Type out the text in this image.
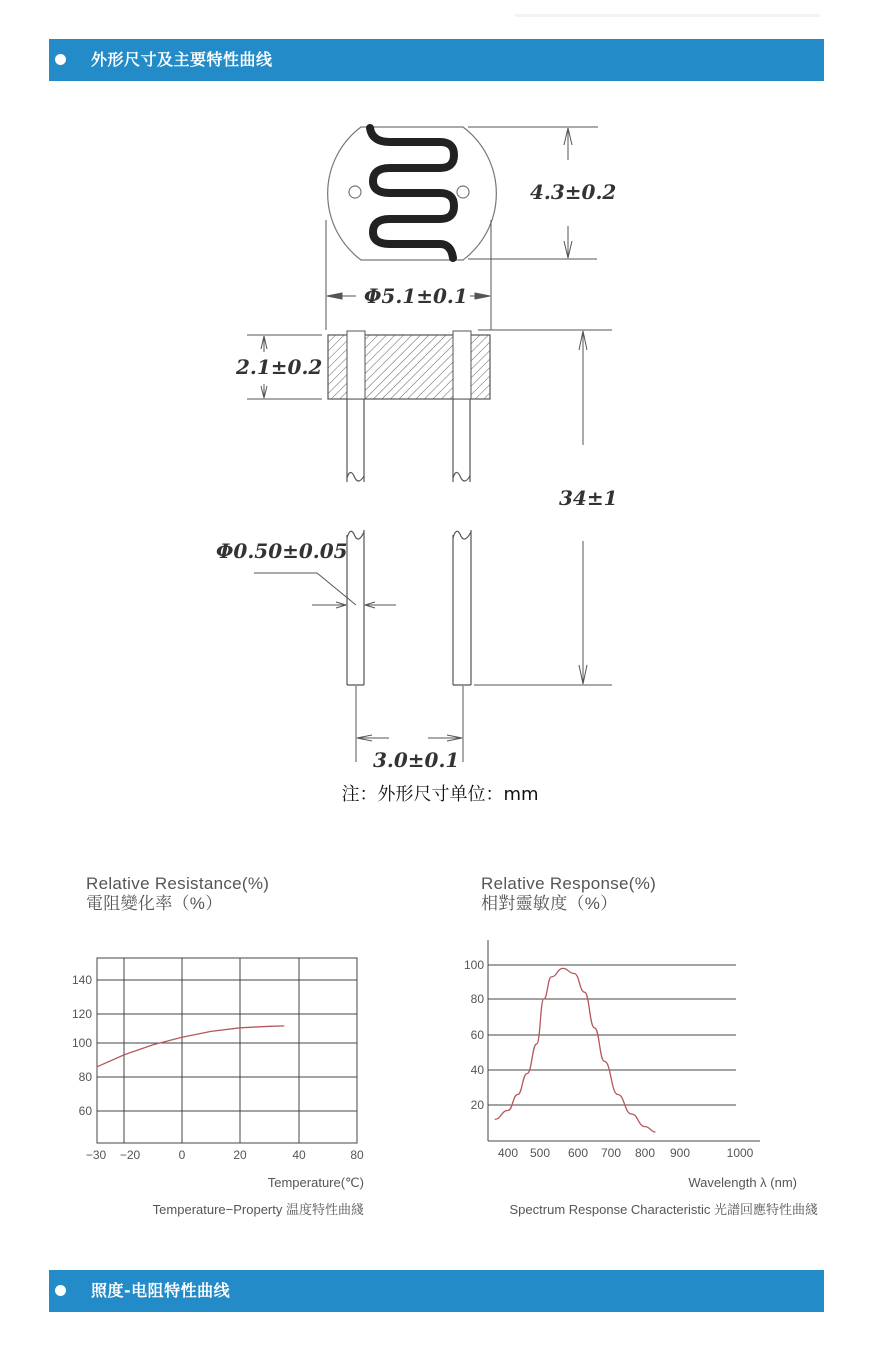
外形尺寸及主要特性曲线
4.3±0.2
Φ5.1±0.1
2.1±0.2
34±1
Φ0.50±0.05
3.0±0.1
注：外形尺寸单位：mm
Relative Resistance(%)
電阻變化率（%）
Relative Response(%)
相對靈敏度（%）
140
120
100
80
60
−30 −20	0	20	40	80
Temperature(℃)
Temperature−Property 温度特性曲綫
100
80
60
40
20
400 500 600 700 800 900	1000
Wavelength λ (nm)
Spectrum Response Characteristic 光譜回應特性曲綫
照度-电阻特性曲线
